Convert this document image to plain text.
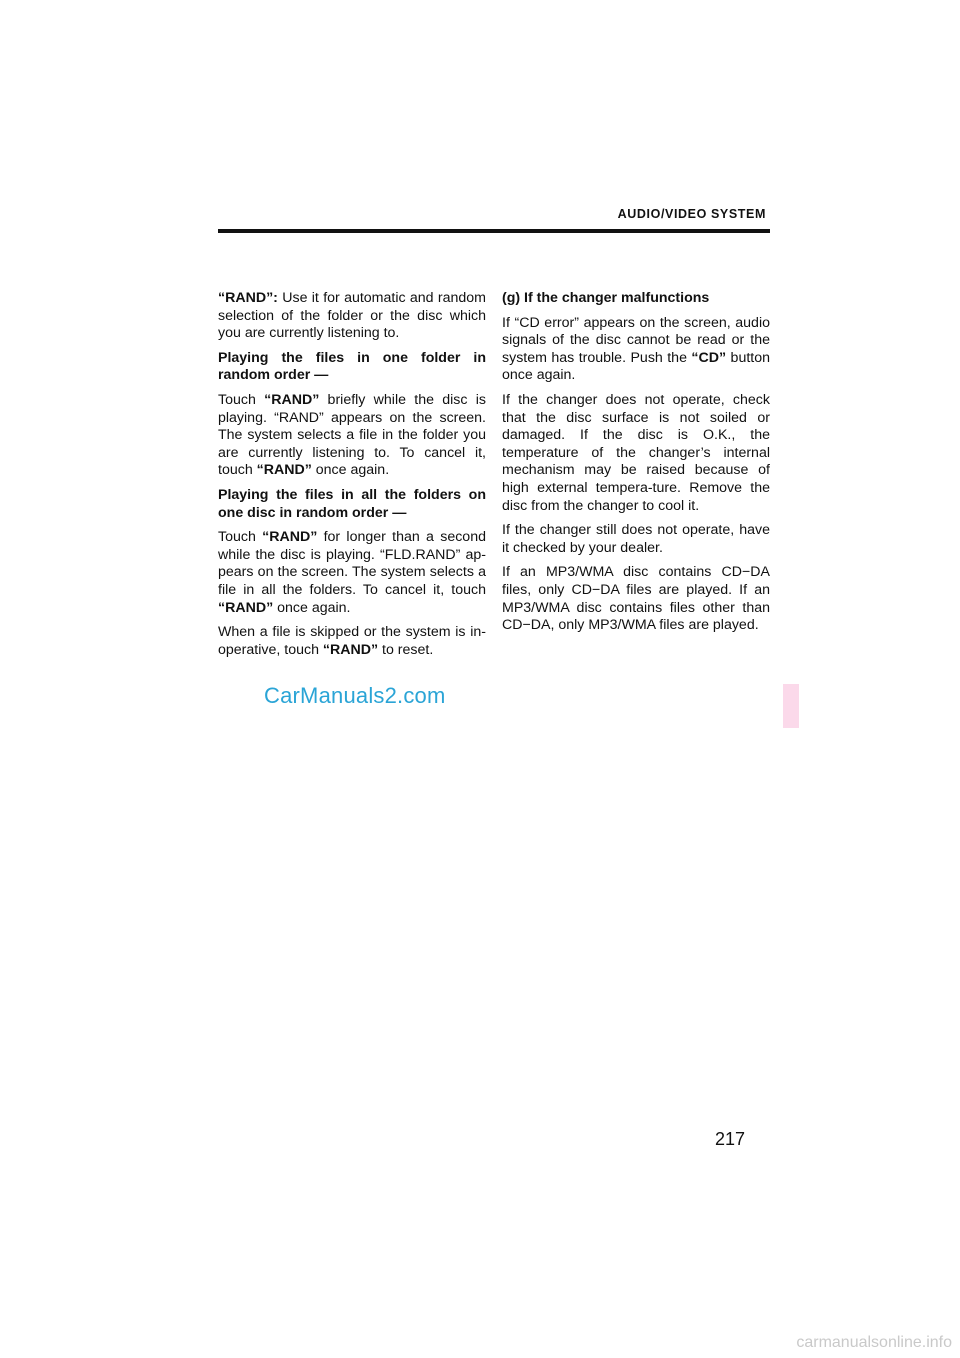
AUDIO/VIDEO SYSTEM

“RAND”: Use it for automatic and random selection of the folder or the disc which you are currently listening to.

Playing the files in one folder in random order —

Touch “RAND” briefly while the disc is playing. “RAND” appears on the screen. The system selects a file in the folder you are currently listening to. To cancel it, touch “RAND” once again.

Playing the files in all the folders on one disc in random order —

Touch “RAND” for longer than a second while the disc is playing. “FLD.RAND” ap-pears on the screen. The system selects a file in all the folders. To cancel it, touch “RAND” once again.

When a file is skipped or the system is in-operative, touch “RAND” to reset.

(g) If the changer malfunctions

If “CD error” appears on the screen, audio signals of the disc cannot be read or the system has trouble. Push the “CD” button once again.

If the changer does not operate, check that the disc surface is not soiled or damaged. If the disc is O.K., the temperature of the changer’s internal mechanism may be raised because of high external tempera-ture. Remove the disc from the changer to cool it.

If the changer still does not operate, have it checked by your dealer.

If an MP3/WMA disc contains CD−DA files, only CD−DA files are played. If an MP3/WMA disc contains files other than CD−DA, only MP3/WMA files are played.

CarManuals2.com
217
carmanualsonline.info
